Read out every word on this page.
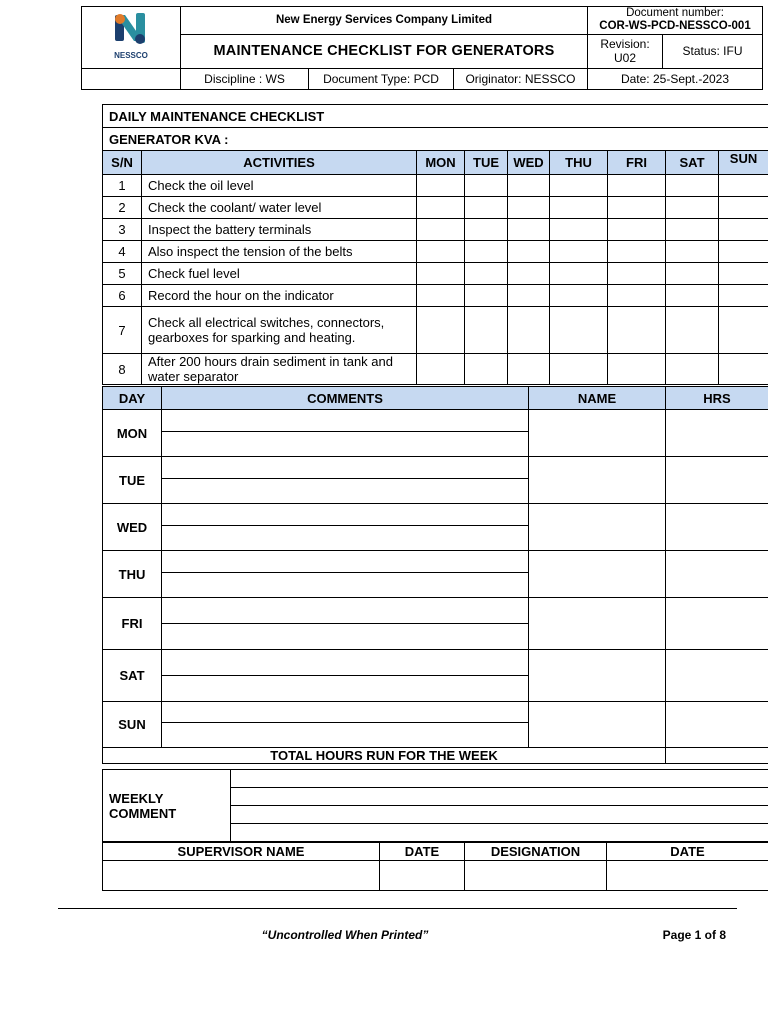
NESSCO	New Energy Services Company Limited			Document number:
COR-WS-PCD-NESSCO-001	

	MAINTENANCE CHECKLIST FOR GENERATORS			Revision: U02	Status: IFU
	Discipline : WS	Document Type: PCD	Originator: NESSCO	Date: 25-Sept.-2023	
DAILY MAINTENANCE CHECKLIST								
GENERATOR KVA :								
S/N	ACTIVITIES	MON	TUE	WED	THU	FRI	SAT	SUN
1	Check the oil level							
2	Check the coolant/ water level							
3	Inspect the battery terminals							
4	Also inspect the tension of the belts							
5	Check fuel level							
6	Record the hour on the indicator							
7	Check all electrical switches, connectors, gearboxes for sparking and heating.							
8	After 200 hours drain sediment in tank and water separator							
DAY	COMMENTS	NAME	HRS
MON			

TUE			

WED			

THU			

FRI			

SAT			

SUN			

TOTAL HOURS RUN FOR THE WEEK			
WEEKLY
COMMENT	

SUPERVISOR NAME	DATE	DESIGNATION	DATE

“Uncontrolled When Printed”	Page 1 of 8
